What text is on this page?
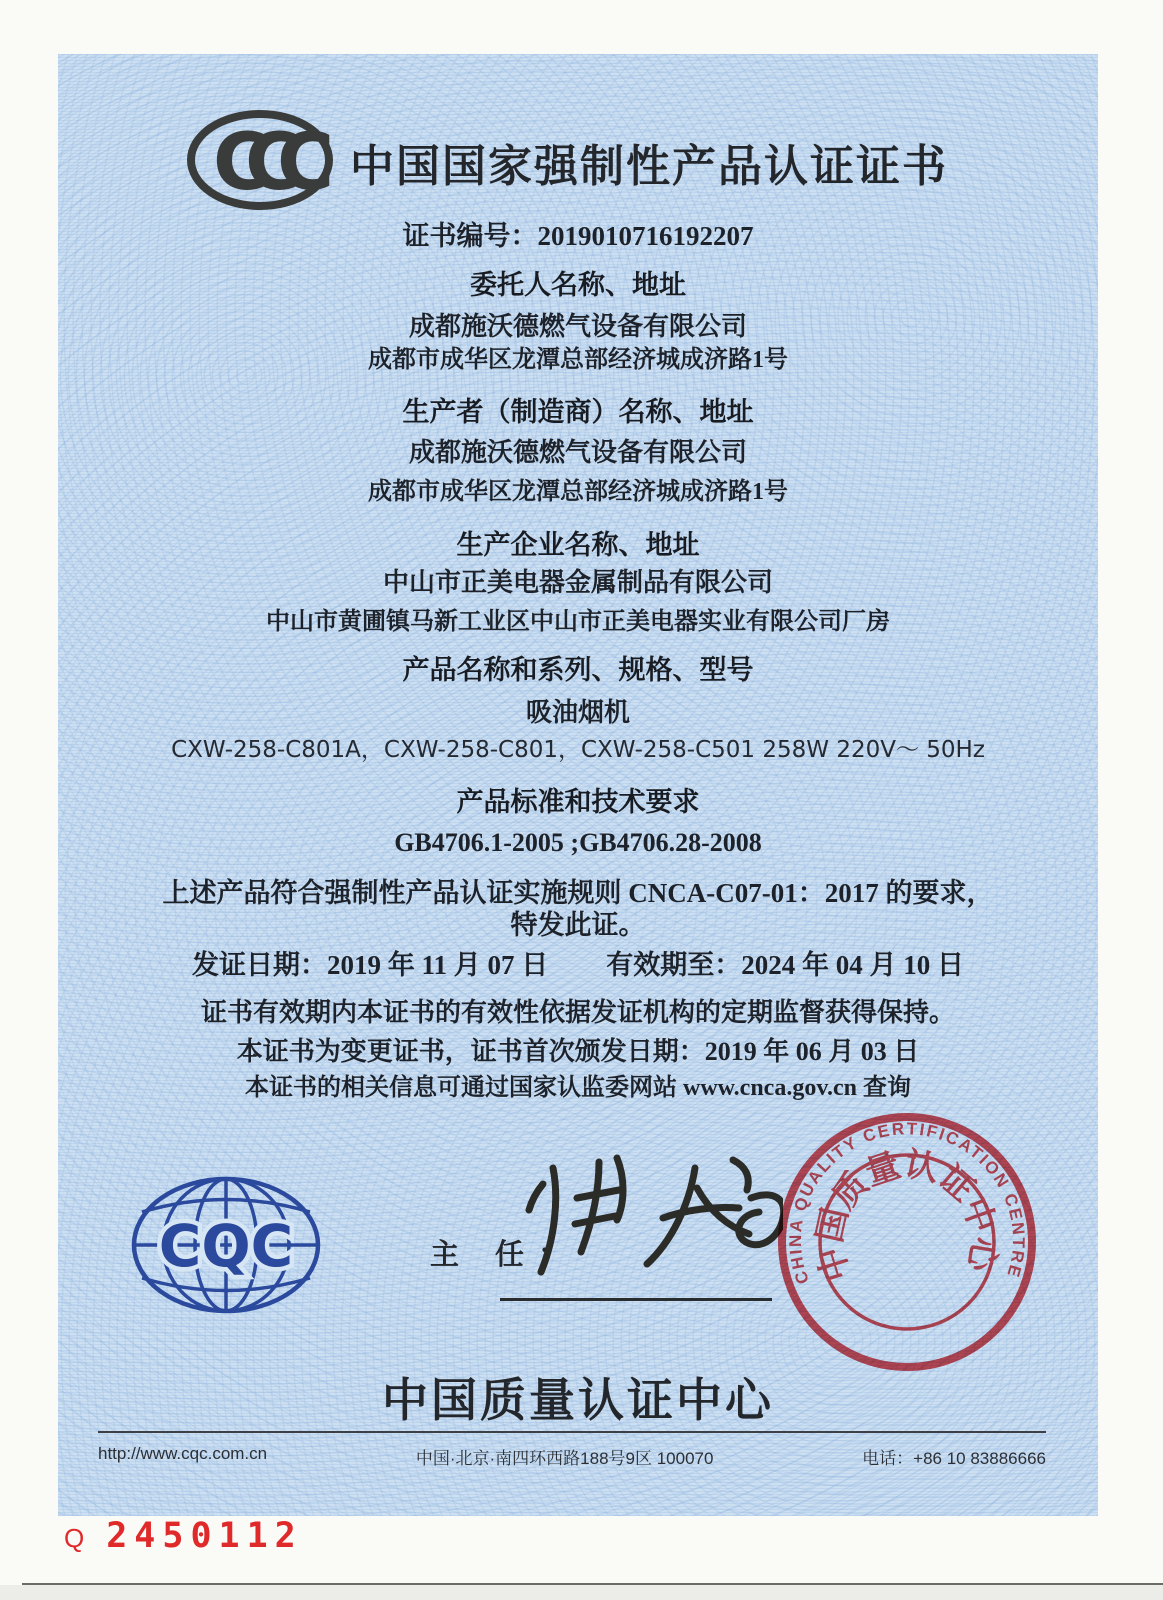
CCC 中国国家强制性产品认证证书
证书编号：2019010716192207
委托人名称、地址
成都施沃德燃气设备有限公司
成都市成华区龙潭总部经济城成济路1号
生产者（制造商）名称、地址
成都施沃德燃气设备有限公司
成都市成华区龙潭总部经济城成济路1号
生产企业名称、地址
中山市正美电器金属制品有限公司
中山市黄圃镇马新工业区中山市正美电器实业有限公司厂房
产品名称和系列、规格、型号
吸油烟机
CXW-258-C801A，CXW-258-C801，CXW-258-C501 258W 220V～ 50Hz
产品标准和技术要求
GB4706.1-2005 ;GB4706.28-2008
上述产品符合强制性产品认证实施规则 CNCA-C07-01：2017 的要求，
特发此证。
发证日期：2019 年 11 月 07 日 有效期至：2024 年 04 月 10 日
证书有效期内本证书的有效性依据发证机构的定期监督获得保持。
本证书为变更证书，证书首次颁发日期：2019 年 06 月 03 日
本证书的相关信息可通过国家认监委网站 www.cnca.gov.cn 查询
CQC	主 任：
CHINA QUALITY CERTIFICATION CENTRE
中国质量认证中心
中国质量认证中心
http://www.cqc.com.cn	中国·北京·南四环西路188号9区 100070	电话：+86 10 83886666
Q 2450112
